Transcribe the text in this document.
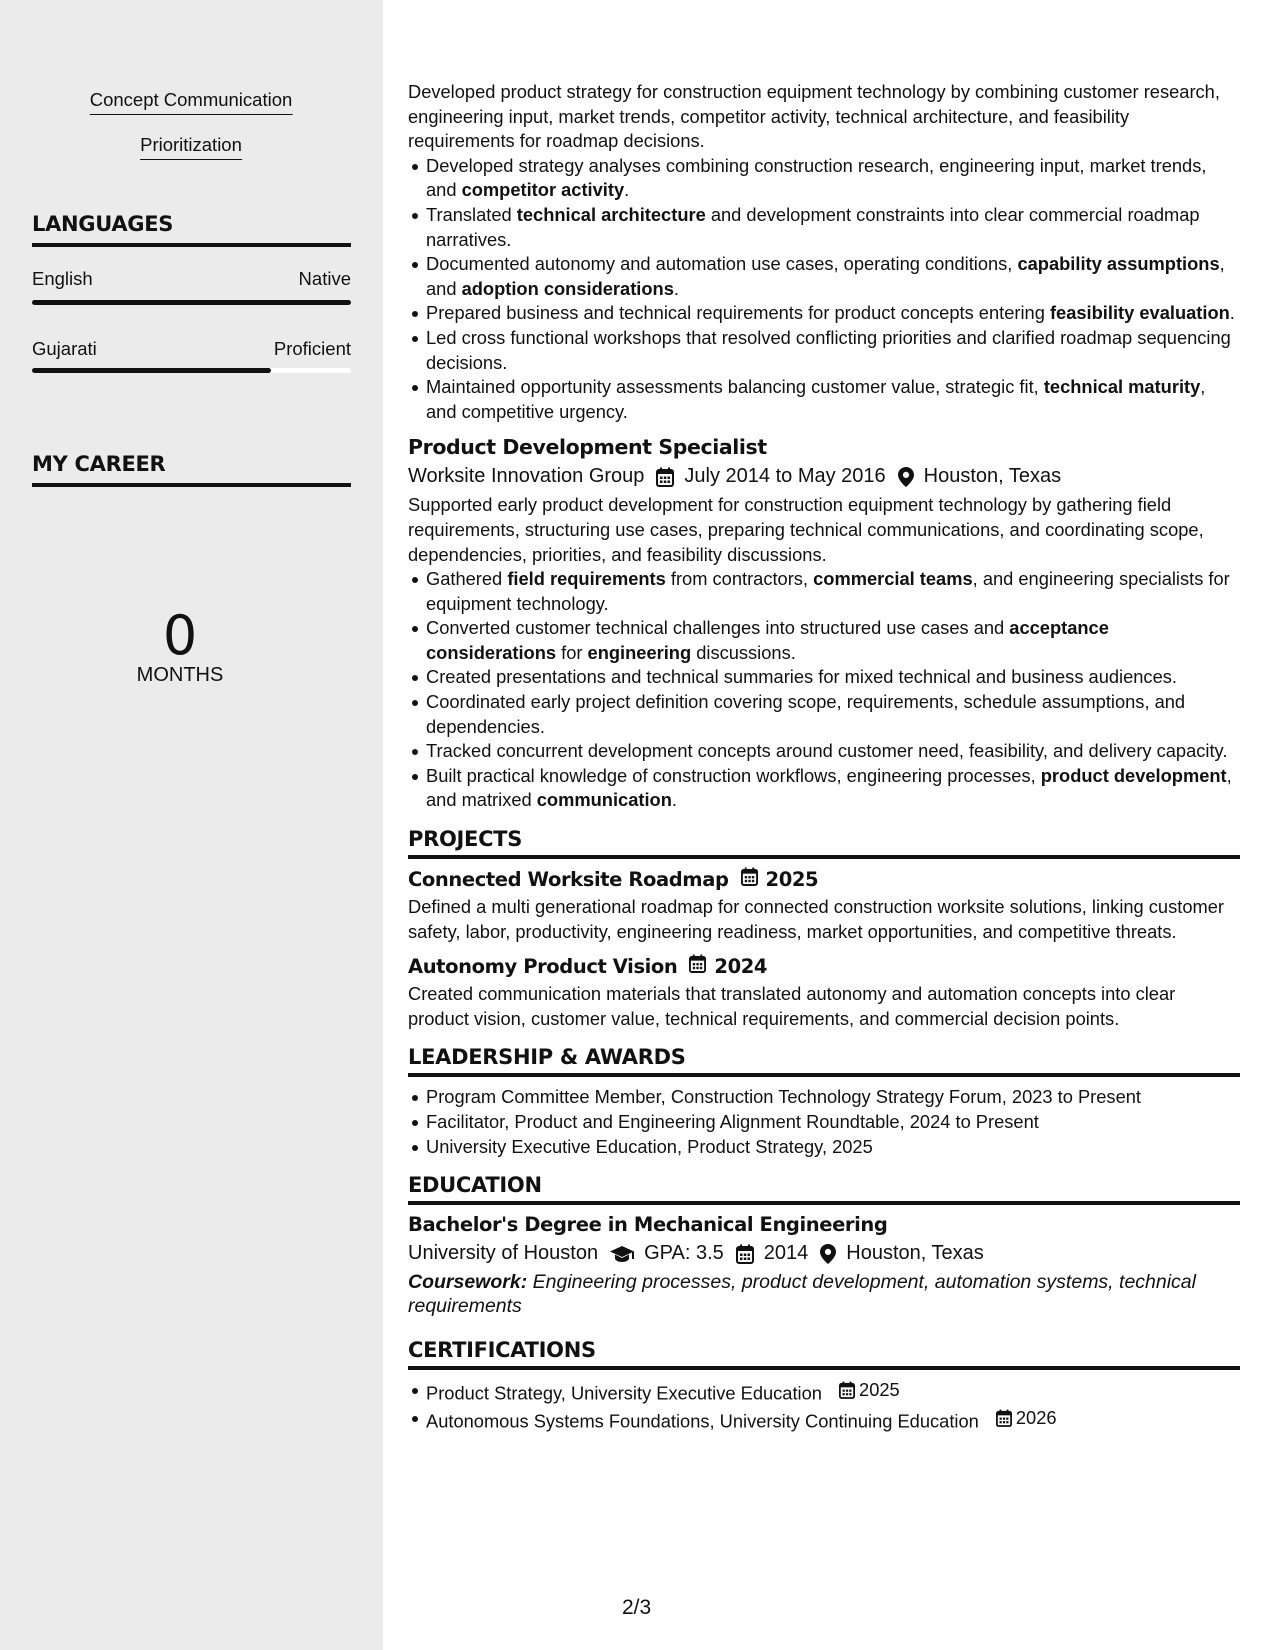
Concept Communication
Prioritization
LANGUAGES
English	Native
Gujarati	Proficient
MY CAREER
0
MONTHS

Developed product strategy for construction equipment technology by combining customer research, engineering input, market trends, competitor activity, technical architecture, and feasibility requirements for roadmap decisions.

Developed strategy analyses combining construction research, engineering input, market trends, and competitor activity.
Translated technical architecture and development constraints into clear commercial roadmap narratives.
Documented autonomy and automation use cases, operating conditions, capability assumptions, and adoption considerations.
Prepared business and technical requirements for product concepts entering feasibility evaluation.
Led cross functional workshops that resolved conflicting priorities and clarified roadmap sequencing decisions.
Maintained opportunity assessments balancing customer value, strategic fit, technical maturity, and competitive urgency.
Product Development Specialist
Worksite Innovation Group July 2014 to May 2016 Houston, Texas

Supported early product development for construction equipment technology by gathering field requirements, structuring use cases, preparing technical communications, and coordinating scope, dependencies, priorities, and feasibility discussions.

Gathered field requirements from contractors, commercial teams, and engineering specialists for equipment technology.
Converted customer technical challenges into structured use cases and acceptance considerations for engineering discussions.
Created presentations and technical summaries for mixed technical and business audiences.
Coordinated early project definition covering scope, requirements, schedule assumptions, and dependencies.
Tracked concurrent development concepts around customer need, feasibility, and delivery capacity.
Built practical knowledge of construction workflows, engineering processes, product development, and matrixed communication.
PROJECTS
Connected Worksite Roadmap 2025

Defined a multi generational roadmap for connected construction worksite solutions, linking customer safety, labor, productivity, engineering readiness, market opportunities, and competitive threats.

Autonomy Product Vision 2024

Created communication materials that translated autonomy and automation concepts into clear product vision, customer value, technical requirements, and commercial decision points.

LEADERSHIP & AWARDS
Program Committee Member, Construction Technology Strategy Forum, 2023 to Present
Facilitator, Product and Engineering Alignment Roundtable, 2024 to Present
University Executive Education, Product Strategy, 2025
EDUCATION
Bachelor's Degree in Mechanical Engineering
University of Houston GPA: 3.5 2014 Houston, Texas

Coursework: Engineering processes, product development, automation systems, technical requirements

CERTIFICATIONS
Product Strategy, University Executive Education 2025
Autonomous Systems Foundations, University Continuing Education 2026
2/3
